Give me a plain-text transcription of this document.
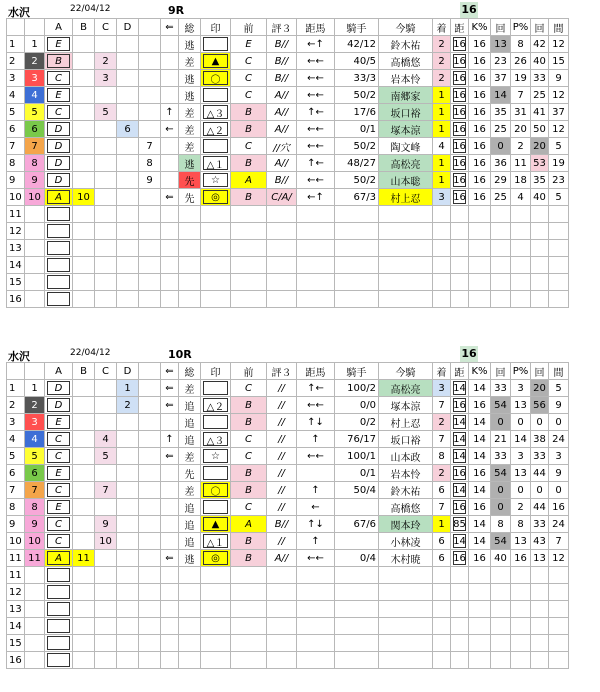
水沢	22/04/12	9R	16
		A	B	C	D		⇐	総	印	前	評３	距馬	騎手	今騎	着	距	K%	回	P%	回	間	
1	1	E						逃		E	B//	←↑	42/12	鈴木祐	2	16	16	13	8	42	12	
2	2	B		2				差	▲	C	B//	←←	40/5	高橋悠	2	16	16	23	26	40	15	
3	3	C		3				逃	〇	C	B//	←←	33/3	岩本怜	2	16	16	37	19	33	9	
4	4	E						逃		C	A//	←←	50/2	南郷家	1	16	16	14	7	25	12	
5	5	C		5			↑	差	△３	B	A//	↑←	17/6	坂口裕	1	16	16	35	31	41	37	
6	6	D			6		←	差	△２	B	A//	←←	0/1	塚本涼	1	16	16	25	20	50	12	
7	7	D				7		差		C	//穴	←←	50/2	陶文峰	4	16	16	0	2	20	5	
8	8	D				8		逃	△１	B	A//	↑←	48/27	高松亮	1	16	16	36	11	53	19	
9	9	D				9		先	☆	A	B//	←←	50/2	山本聡	1	16	16	29	18	35	23	
10	10	A	10				⇐	先	◎	B	C/A/	←↑	67/3	村上忍	3	16	16	25	4	40	5	
11																						
12																						
13																						
14																						
15																						
16																						
水沢	22/04/12	10R	16
		A	B	C	D		⇐	総	印	前	評３	距馬	騎手	今騎	着	距	K%	回	P%	回	間	
1	1	D			1		⇐	差		C	//	↑←	100/2	高松亮	3	14	14	33	3	20	5	
2	2	D			2		⇐	追	△２	B	//	←←	0/0	塚本涼	7	16	16	54	13	56	9	
3	3	E						追		B	//	↑↓	0/2	村上忍	2	14	14	0	0	0	0	
4	4	C		4			↑	追	△３	C	//	↑	76/17	坂口裕	7	14	14	21	14	38	24	
5	5	C		5			⇐	差	☆	C	//	←←	100/1	山本政	8	14	14	33	3	33	3	
6	6	E						先		B	//		0/1	岩本怜	2	16	16	54	13	44	9	
7	7	C		7				差	〇	B	//	↑	50/4	鈴木祐	6	14	14	0	0	0	0	
8	8	E						追		C	//	←		高橋悠	7	16	16	0	2	44	16	
9	9	C		9				追	▲	A	B//	↑↓	67/6	関本玲	1	85	14	8	8	33	24	
10	10	C		10				追	△１	B	//	↑		小林凌	6	14	14	54	13	43	7	
11	11	A	11				⇐	逃	◎	B	A//	←←	0/4	木村暁	6	16	16	40	16	13	12	
11																						
12																						
13																						
14																						
15																						
16																						
